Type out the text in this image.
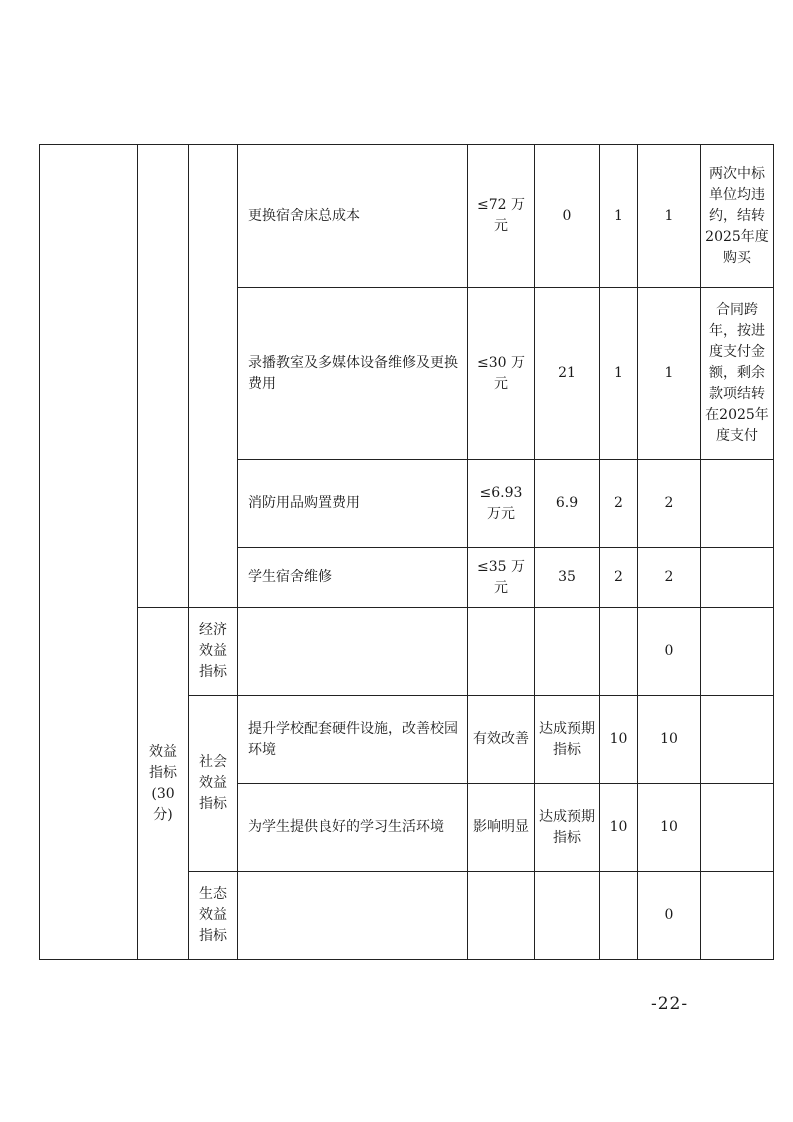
			更换宿舍床总成本	≤72 万元	0	1	1	两次中标单位均违约，结转2025年度购买
			录播教室及多媒体设备维修及更换费用	≤30 万元	21	1	1	合同跨年，按进度支付金额，剩余款项结转在2025年度支付
			消防用品购置费用	≤6.93 万元	6.9	2	2	
			学生宿舍维修	≤35 万元	35	2	2	
	效益指标(30分)	经济效益指标					0	
		社会效益指标	提升学校配套硬件设施，改善校园环境	有效改善	达成预期指标	10	10	
			为学生提供良好的学习生活环境	影响明显	达成预期指标	10	10	
		生态效益指标					0	
-22-
